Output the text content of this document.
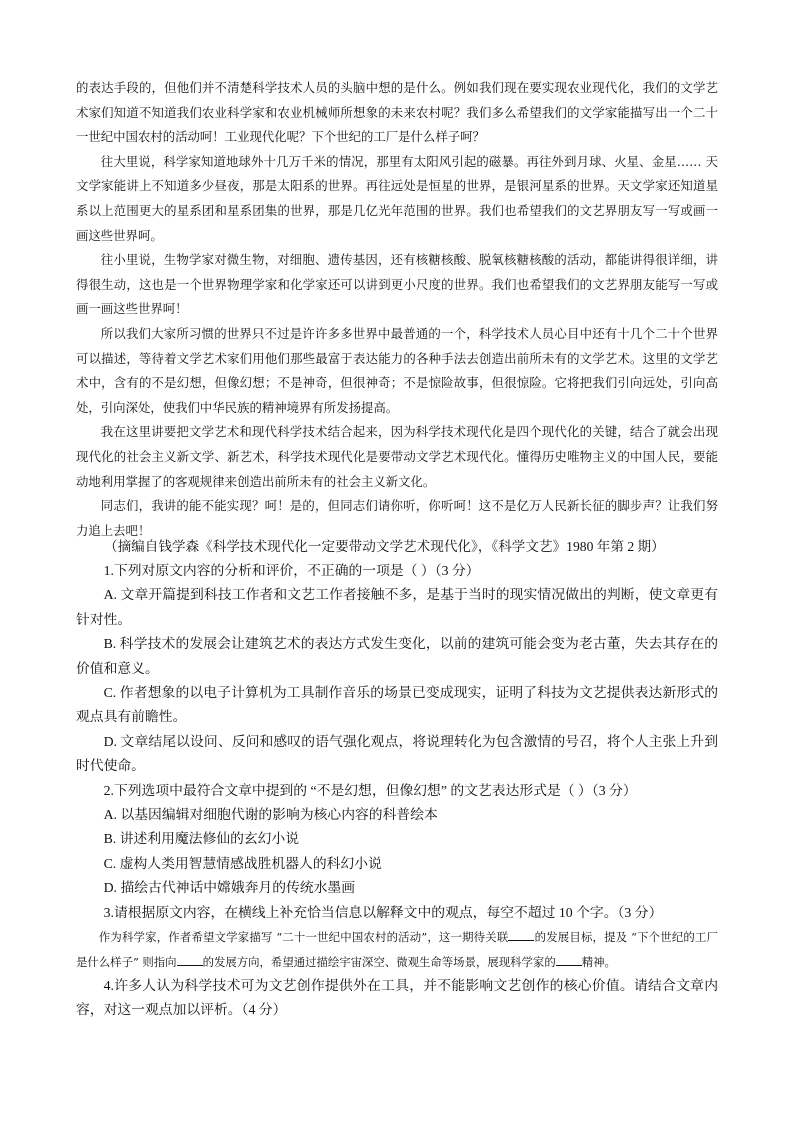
的表达手段的，但他们并不清楚科学技术人员的头脑中想的是什么。例如我们现在要实现农业现代化，我们的文学艺术家们知道不知道我们农业科学家和农业机械师所想象的未来农村呢？我们多么希望我们的文学家能描写出一个二十一世纪中国农村的活动呵！工业现代化呢？下个世纪的工厂是什么样子呵？

往大里说，科学家知道地球外十几万千米的情况，那里有太阳风引起的磁暴。再往外到月球、火星、金星…… 天文学家能讲上不知道多少昼夜，那是太阳系的世界。再往远处是恒星的世界，是银河星系的世界。天文学家还知道星系以上范围更大的星系团和星系团集的世界，那是几亿光年范围的世界。我们也希望我们的文艺界朋友写一写或画一画这些世界呵。

往小里说，生物学家对微生物，对细胞、遗传基因，还有核糖核酸、脱氧核糖核酸的活动，都能讲得很详细，讲得很生动，这也是一个世界物理学家和化学家还可以讲到更小尺度的世界。我们也希望我们的文艺界朋友能写一写或画一画这些世界呵！

所以我们大家所习惯的世界只不过是许许多多世界中最普通的一个，科学技术人员心目中还有十几个二十个世界可以描述，等待着文学艺术家们用他们那些最富于表达能力的各种手法去创造出前所未有的文学艺术。这里的文学艺术中，含有的不是幻想，但像幻想；不是神奇，但很神奇；不是惊险故事，但很惊险。它将把我们引向远处，引向高处，引向深处，使我们中华民族的精神境界有所发扬提高。

我在这里讲要把文学艺术和现代科学技术结合起来，因为科学技术现代化是四个现代化的关键，结合了就会出现现代化的社会主义新文学、新艺术，科学技术现代化是要带动文学艺术现代化。懂得历史唯物主义的中国人民，要能动地利用掌握了的客观规律来创造出前所未有的社会主义新文化。

同志们，我讲的能不能实现？呵！是的，但同志们请你听，你听呵！这不是亿万人民新长征的脚步声？让我们努力追上去吧！

（摘编自钱学森《科学技术现代化一定要带动文学艺术现代化》，《科学文艺》1980 年第 2 期）

1.下列对原文内容的分析和评价，不正确的一项是（ ）（3 分）

A. 文章开篇提到科技工作者和文艺工作者接触不多，是基于当时的现实情况做出的判断，使文章更有针对性。

B. 科学技术的发展会让建筑艺术的表达方式发生变化，以前的建筑可能会变为老古董，失去其存在的价值和意义。

C. 作者想象的以电子计算机为工具制作音乐的场景已变成现实，证明了科技为文艺提供表达新形式的观点具有前瞻性。

D. 文章结尾以设问、反问和感叹的语气强化观点，将说理转化为包含激情的号召，将个人主张上升到时代使命。

2.下列选项中最符合文章中提到的 “不是幻想，但像幻想” 的文艺表达形式是（ ）（3 分）

A. 以基因编辑对细胞代谢的影响为核心内容的科普绘本

B. 讲述利用魔法修仙的玄幻小说

C. 虚构人类用智慧情感战胜机器人的科幻小说

D. 描绘古代神话中嫦娥奔月的传统水墨画

3.请根据原文内容，在横线上补充恰当信息以解释文中的观点，每空不超过 10 个字。（3 分）

作为科学家，作者希望文学家描写 “二十一世纪中国农村的活动”，这一期待关联 的发展目标，提及 “下个世纪的工厂是什么样子” 则指向 的发展方向，希望通过描绘宇宙深空、微观生命等场景，展现科学家的 精神。

4.许多人认为科学技术可为文艺创作提供外在工具，并不能影响文艺创作的核心价值。请结合文章内容，对这一观点加以评析。（4 分）
